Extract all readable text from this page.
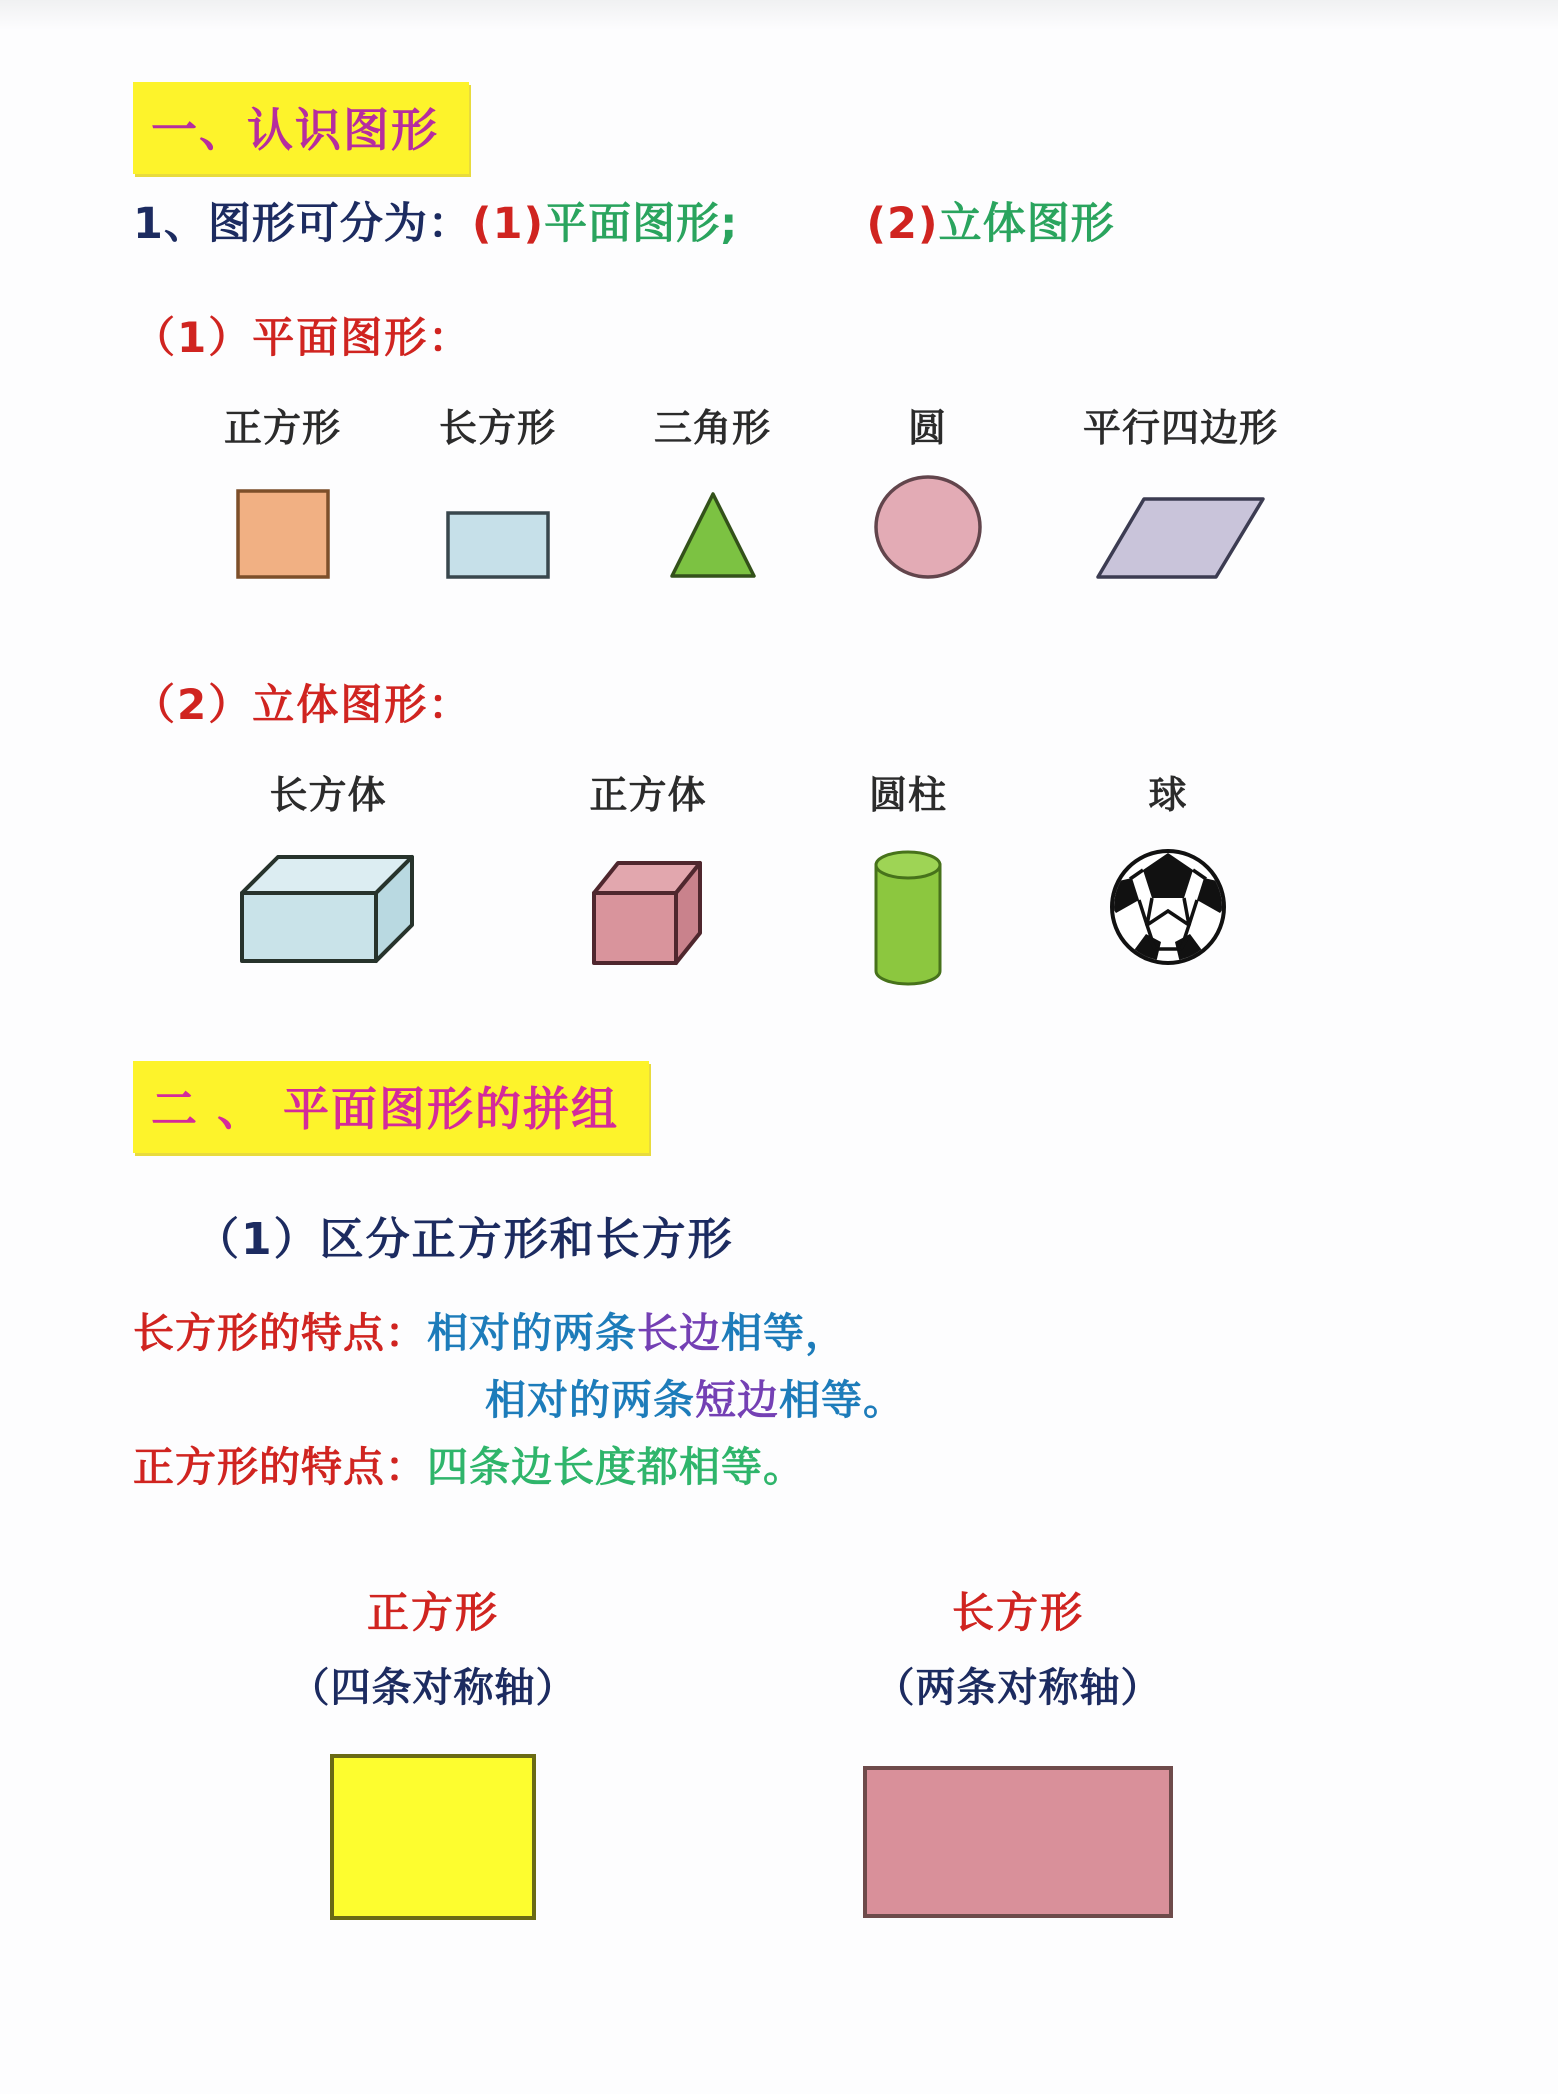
一、认识图形
1、图形可分为：(1)平面图形;	(2)立体图形
（1）平面图形：
正方形	长方形	三角形	圆	平行四边形
（2）立体图形：
长方体	正方体	圆柱	球
二 、 平面图形的拼组
（1）区分正方形和长方形
长方形的特点：相对的两条长边相等，
相对的两条短边相等。
正方形的特点：四条边长度都相等。
正方形
（四条对称轴）
长方形
（两条对称轴）
